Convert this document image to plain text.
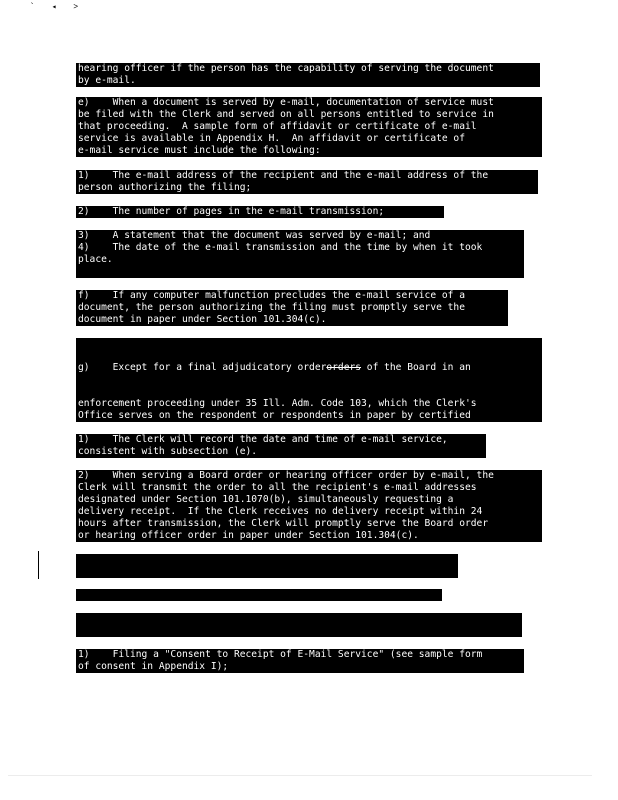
` ◂ ˃
hearing officer if the person has the capability of serving the document
by e-mail.
e)    When a document is served by e-mail, documentation of service must
be filed with the Clerk and served on all persons entitled to service in
that proceeding.  A sample form of affidavit or certificate of e-mail
service is available in Appendix H.  An affidavit or certificate of
e-mail service must include the following:
1)    The e-mail address of the recipient and the e-mail address of the
person authorizing the filing;
2)    The number of pages in the e-mail transmission;
3)    A statement that the document was served by e-mail; and
4)    The date of the e-mail transmission and the time by when it took
place.
f)    If any computer malfunction precludes the e-mail service of a
document, the person authorizing the filing must promptly serve the
document in paper under Section 101.304(c).

g)    Except for a final adjudicatory orderorders of the Board in an

enforcement proceeding under 35 Ill. Adm. Code 103, which the Clerk's
Office serves on the respondent or respondents in paper by certified

1)    The Clerk will record the date and time of e-mail service,
consistent with subsection (e).
2)    When serving a Board order or hearing officer order by e-mail, the
Clerk will transmit the order to all the recipient's e-mail addresses
designated under Section 101.1070(b), simultaneously requesting a
delivery receipt.  If the Clerk receives no delivery receipt within 24
hours after transmission, the Clerk will promptly serve the Board order
or hearing officer order in paper under Section 101.304(c).

1)    Filing a "Consent to Receipt of E-Mail Service" (see sample form
of consent in Appendix I);
